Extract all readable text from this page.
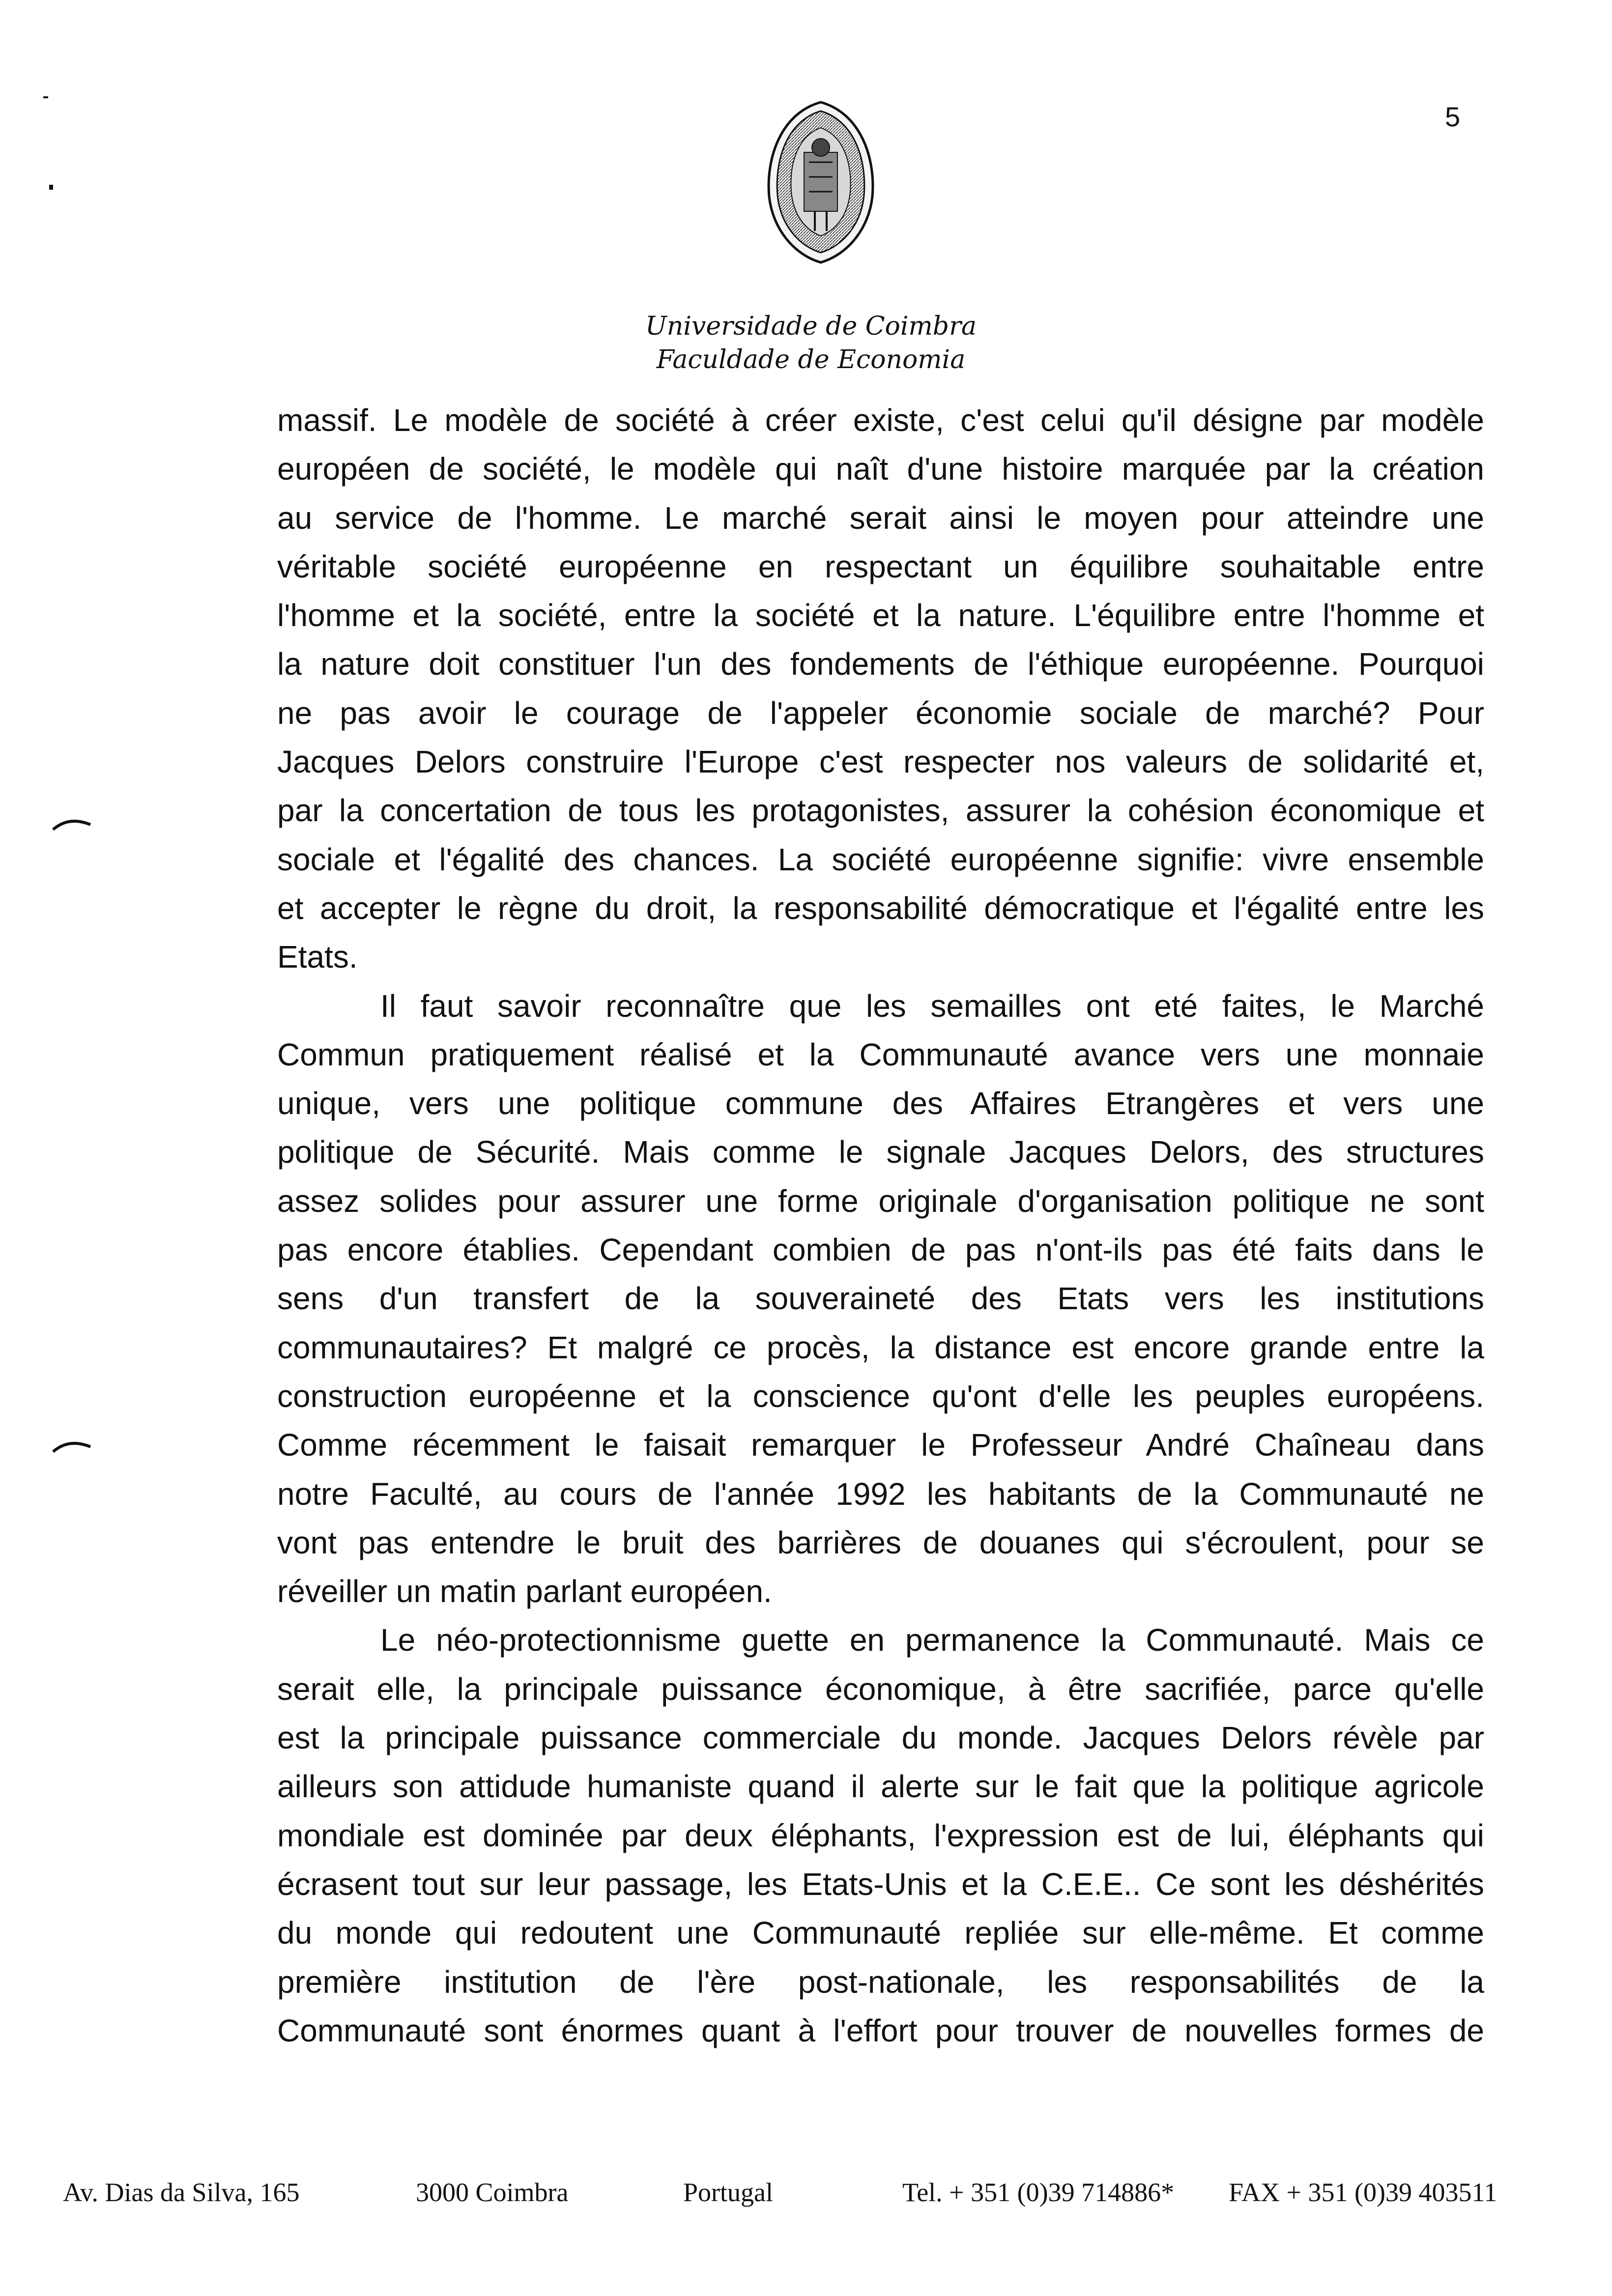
5
Universidade de Coimbra
Faculdade de Economia
massif. Le modèle de société à créer existe, c'est celui qu'il désigne par modèle
européen de société, le modèle qui naît d'une histoire marquée par la création
au service de l'homme. Le marché serait ainsi le moyen pour atteindre une
véritable société européenne en respectant un équilibre souhaitable entre
l'homme et la société, entre la société et la nature. L'équilibre entre l'homme et
la nature doit constituer l'un des fondements de l'éthique européenne. Pourquoi
ne pas avoir le courage de l'appeler économie sociale de marché? Pour
Jacques Delors construire l'Europe c'est respecter nos valeurs de solidarité et,
par la concertation de tous les protagonistes, assurer la cohésion économique et
sociale et l'égalité des chances. La société européenne signifie: vivre ensemble
et accepter le règne du droit, la responsabilité démocratique et l'égalité entre les
Etats.
Il faut savoir reconnaître que les semailles ont eté faites, le Marché
Commun pratiquement réalisé et la Communauté avance vers une monnaie
unique, vers une politique commune des Affaires Etrangères et vers une
politique de Sécurité. Mais comme le signale Jacques Delors, des structures
assez solides pour assurer une forme originale d'organisation politique ne sont
pas encore établies. Cependant combien de pas n'ont-ils pas été faits dans le
sens d'un transfert de la souveraineté des Etats vers les institutions
communautaires? Et malgré ce procès, la distance est encore grande entre la
construction européenne et la conscience qu'ont d'elle les peuples européens.
Comme récemment le faisait remarquer le Professeur André Chaîneau dans
notre Faculté, au cours de l'année 1992 les habitants de la Communauté ne
vont pas entendre le bruit des barrières de douanes qui s'écroulent, pour se
réveiller un matin parlant européen.
Le néo-protectionnisme guette en permanence la Communauté. Mais ce
serait elle, la principale puissance économique, à être sacrifiée, parce qu'elle
est la principale puissance commerciale du monde. Jacques Delors révèle par
ailleurs son attidude humaniste quand il alerte sur le fait que la politique agricole
mondiale est dominée par deux éléphants, l'expression est de lui, éléphants qui
écrasent tout sur leur passage, les Etats-Unis et la C.E.E.. Ce sont les déshérités
du monde qui redoutent une Communauté repliée sur elle-même. Et comme
première institution de l'ère post-nationale, les responsabilités de la
Communauté sont énormes quant à l'effort pour trouver de nouvelles formes de
Av. Dias da Silva, 165	3000 Coimbra	Portugal	Tel. + 351 (0)39 714886* FAX + 351 (0)39 403511
